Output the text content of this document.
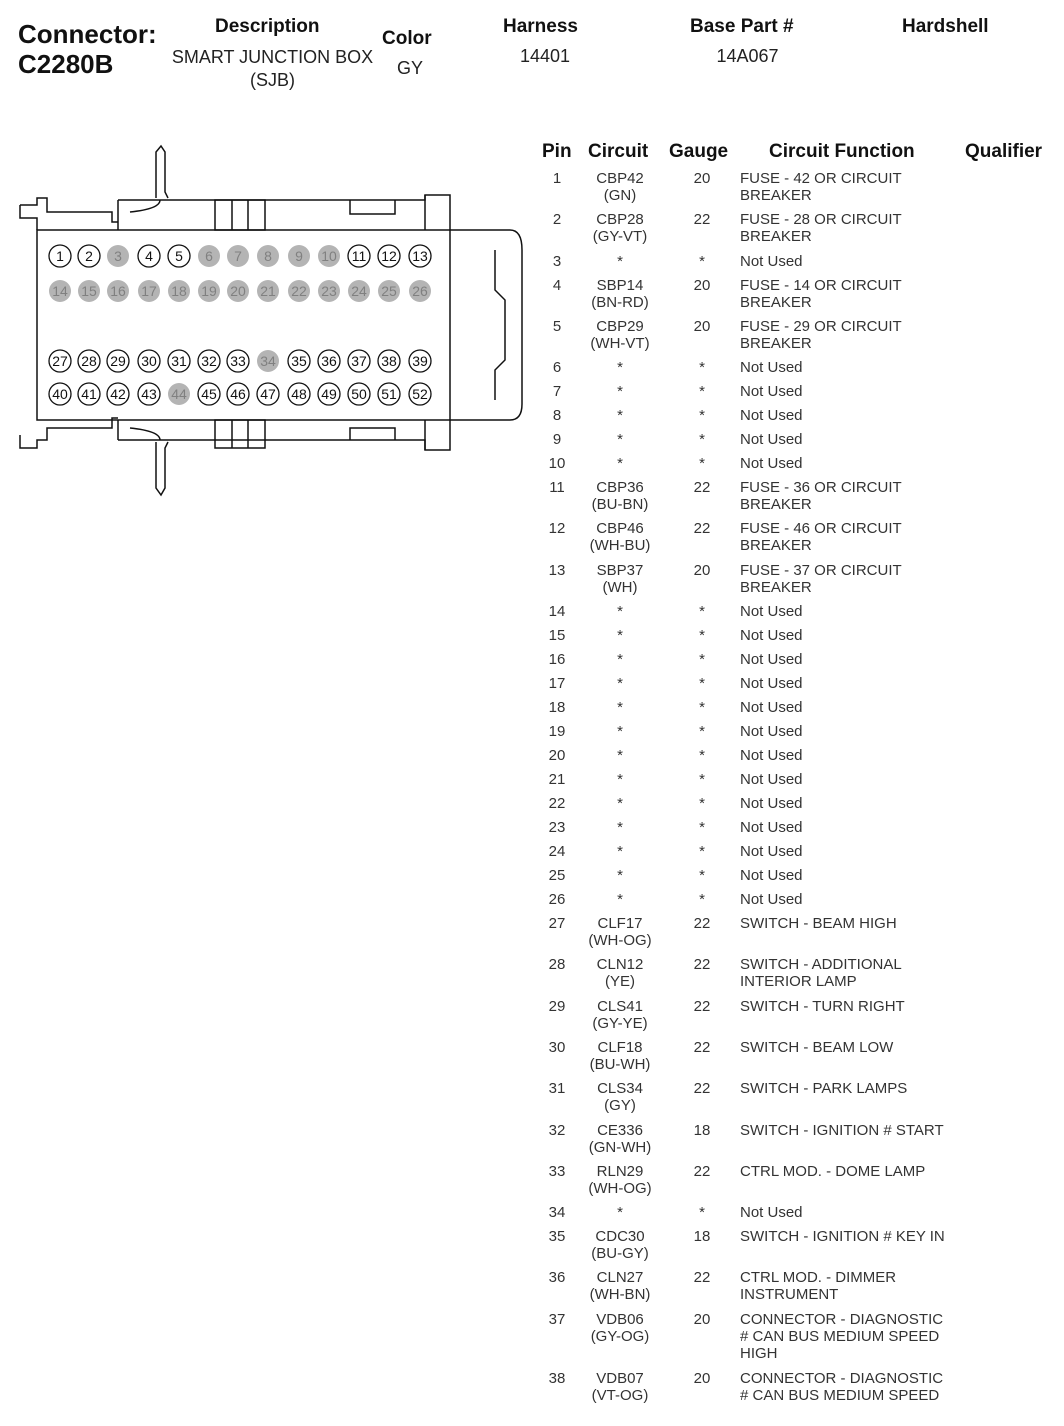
Connector:
C2280B
Description
SMART JUNCTION BOX (SJB)
Color
GY
Harness
14401
Base Part #
14A067
Hardshell
1 2 3 4 5 6 7 8 9 10 11 12 13
14 15 16 17 18 19 20 21 22 23 24 25 26
27 28 29 30 31 32 33 34 35 36 37 38 39
40 41 42 43 44 45 46 47 48 49 50 51 52
Pin Circuit Gauge Circuit Function	Qualifier
1	CBP42
(GN)
20	FUSE - 42 OR CIRCUIT
BREAKER
2	CBP28
(GY-VT)
22	FUSE - 28 OR CIRCUIT
BREAKER
3	*	*	Not Used
4	SBP14
(BN-RD)
20	FUSE - 14 OR CIRCUIT
BREAKER
5	CBP29
(WH-VT)
20	FUSE - 29 OR CIRCUIT
BREAKER
6	*	*	Not Used
7	*	*	Not Used
8	*	*	Not Used
9	*	*	Not Used
10	*	*	Not Used
11	CBP36
(BU-BN)
22	FUSE - 36 OR CIRCUIT
BREAKER
12	CBP46
(WH-BU)
22	FUSE - 46 OR CIRCUIT
BREAKER
13	SBP37
(WH)
20	FUSE - 37 OR CIRCUIT
BREAKER
14	*	*	Not Used
15	*	*	Not Used
16	*	*	Not Used
17	*	*	Not Used
18	*	*	Not Used
19	*	*	Not Used
20	*	*	Not Used
21	*	*	Not Used
22	*	*	Not Used
23	*	*	Not Used
24	*	*	Not Used
25	*	*	Not Used
26	*	*	Not Used
27	CLF17
(WH-OG)
22	SWITCH - BEAM HIGH
28	CLN12
(YE)
22	SWITCH - ADDITIONAL
INTERIOR LAMP
29	CLS41
(GY-YE)
22	SWITCH - TURN RIGHT
30	CLF18
(BU-WH)
22	SWITCH - BEAM LOW
31	CLS34
(GY)
22	SWITCH - PARK LAMPS
32	CE336
(GN-WH)
18	SWITCH - IGNITION # START
33	RLN29
(WH-OG)
22	CTRL MOD. - DOME LAMP
34	*	*	Not Used
35	CDC30
(BU-GY)
18	SWITCH - IGNITION # KEY IN
36	CLN27
(WH-BN)
22	CTRL MOD. - DIMMER
INSTRUMENT
37	VDB06
(GY-OG)
20	CONNECTOR - DIAGNOSTIC
# CAN BUS MEDIUM SPEED
HIGH
38	VDB07
(VT-OG)
20	CONNECTOR - DIAGNOSTIC
# CAN BUS MEDIUM SPEED
